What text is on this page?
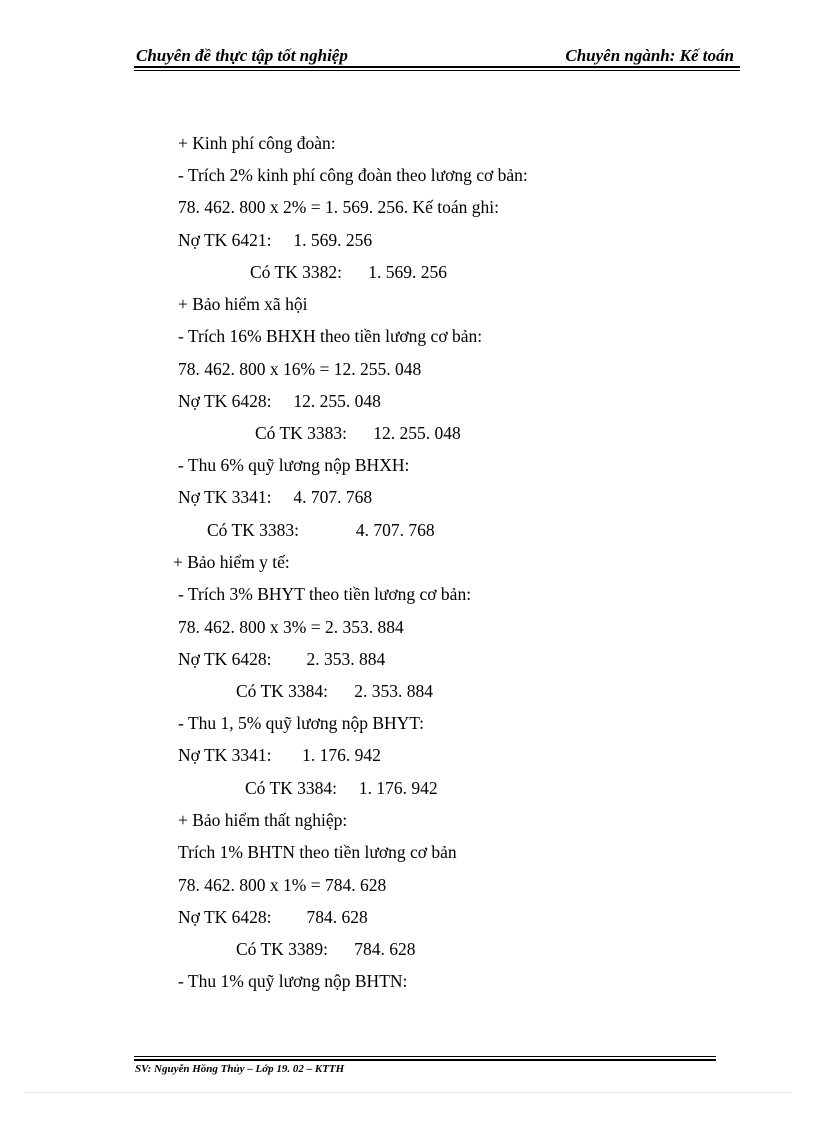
Chuyên đề thực tập tốt nghiệp	Chuyên ngành: Kế toán
+ Kinh phí công đoàn:
- Trích 2% kinh phí công đoàn theo lương cơ bản:
78. 462. 800 x 2% = 1. 569. 256. Kế toán ghi:
Nợ TK 6421:     1. 569. 256
Có TK 3382:      1. 569. 256
+ Bảo hiểm xã hội
- Trích 16% BHXH theo tiền lương cơ bản:
78. 462. 800 x 16% = 12. 255. 048
Nợ TK 6428:     12. 255. 048
Có TK 3383:      12. 255. 048
- Thu 6% quỹ lương nộp BHXH:
Nợ TK 3341:     4. 707. 768
Có TK 3383:             4. 707. 768
+ Bảo hiểm y tế:
- Trích 3% BHYT theo tiền lương cơ bản:
78. 462. 800 x 3% = 2. 353. 884
Nợ TK 6428:        2. 353. 884
Có TK 3384:      2. 353. 884
- Thu 1, 5% quỹ lương nộp BHYT:
Nợ TK 3341:       1. 176. 942
Có TK 3384:     1. 176. 942
+ Bảo hiểm thất nghiệp:
Trích 1% BHTN theo tiền lương cơ bản
78. 462. 800 x 1% = 784. 628
Nợ TK 6428:        784. 628
Có TK 3389:      784. 628
- Thu 1% quỹ lương nộp BHTN:
SV: Nguyễn Hồng Thủy – Lớp 19. 02 – KTTH
